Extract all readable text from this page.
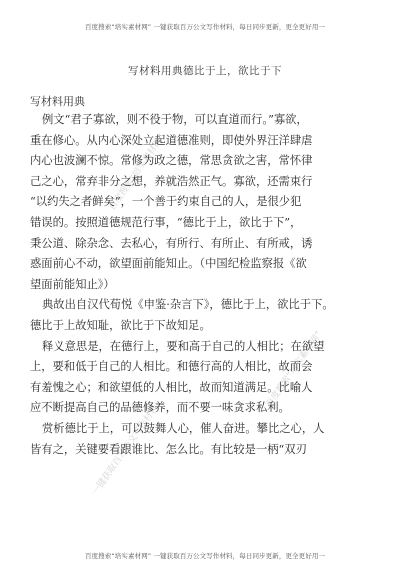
百度搜索“培实素材网” 一键获取百万公文写作材料，每日同步更新，更全更好用一
百度搜索“培实素材网”
百度搜索“培实素材网”
一键获取百万公文写作材料
写材料用典德比于上，欲比于下
写材料用典
例文“君子寡欲，则不役于物，可以直道而行。”寡欲，
重在修心。从内心深处立起道德准则，即使外界汪洋肆虐
内心也波澜不惊。常修为政之德，常思贪欲之害，常怀律
己之心，常弃非分之想，养就浩然正气。寡欲，还需束行
“以约失之者鲜矣”，一个善于约束自己的人，是很少犯
错误的。按照道德规范行事，“德比于上，欲比于下”，
秉公道、除杂念、去私心，有所行、有所止、有所戒，诱
惑面前心不动，欲望面前能知止。（中国纪检监察报《欲
望面前能知止》）
典故出自汉代荀悦《申鉴·杂言下》，德比于上，欲比于下。
德比于上故知耻，欲比于下故知足。
释义意思是，在德行上，要和高于自己的人相比；在欲望
上，要和低于自己的人相比。和德行高的人相比，故而会
有羞愧之心；和欲望低的人相比，故而知道满足。比喻人
应不断提高自己的品德修养，而不要一味贪求私利。
赏析德比于上，可以鼓舞人心，催人奋进。攀比之心，人
皆有之，关键要看跟谁比、怎么比。有比较是一柄“双刃
百度搜索“培实素材网” 一键获取百万公文写作材料，每日同步更新，更全更好用一
